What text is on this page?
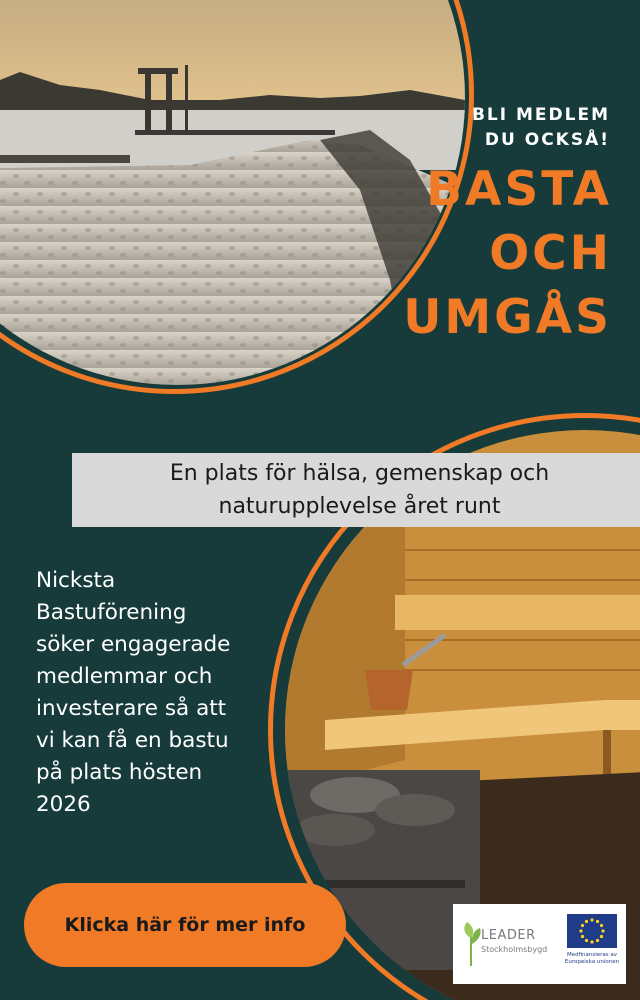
BLI MEDLEM
DU OCKSÅ!
BASTA
OCH
UMGÅS
En plats för hälsa, gemenskap och
naturupplevelse året runt
Nicksta
Bastuförening
söker engagerade
medlemmar och
investerare så att
vi kan få en bastu
på plats hösten
2026
Klicka här för mer info	LEADER
Stockholmsbygd
Medfinansieras av
Europeiska unionen
